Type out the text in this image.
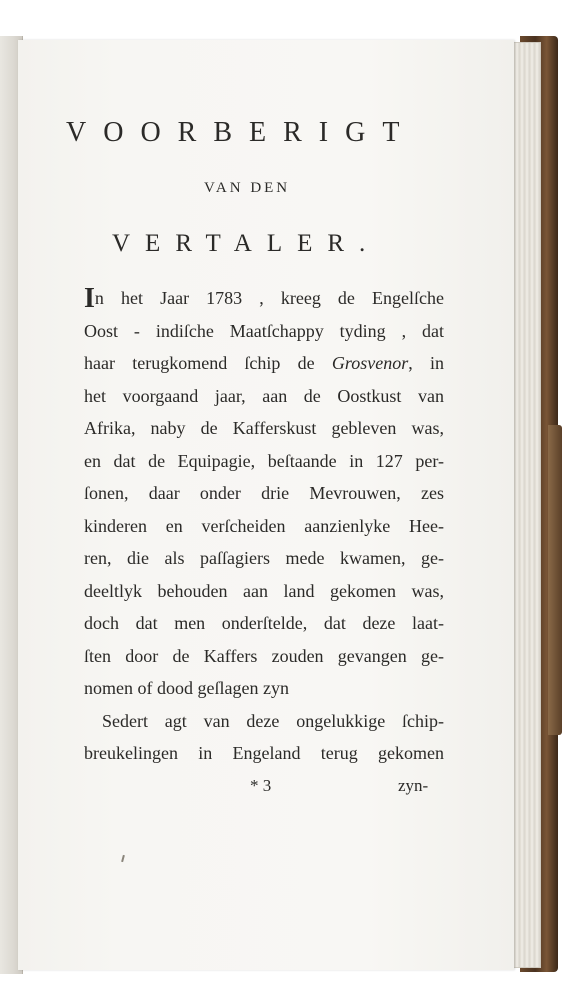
VOORBERIGT
VAN DEN
VERTALER.
In het Jaar 1783 , kreeg de Engelſche
Oost - indiſche Maatſchappy tyding , dat
haar terugkomend ſchip de Grosvenor, in
het voorgaand jaar, aan de Oostkust van
Afrika, naby de Kafferskust gebleven was,
en dat de Equipagie, beſtaande in 127 per-
ſonen, daar onder drie Mevrouwen, zes
kinderen en verſcheiden aanzienlyke Hee-
ren, die als paſſagiers mede kwamen, ge-
deeltlyk behouden aan land gekomen was,
doch dat men onderſtelde, dat deze laat-
ſten door de Kaffers zouden gevangen ge-
nomen of dood geſlagen zyn
Sedert agt van deze ongelukkige ſchip-
breukelingen in Engeland terug gekomen
* 3	zyn-
